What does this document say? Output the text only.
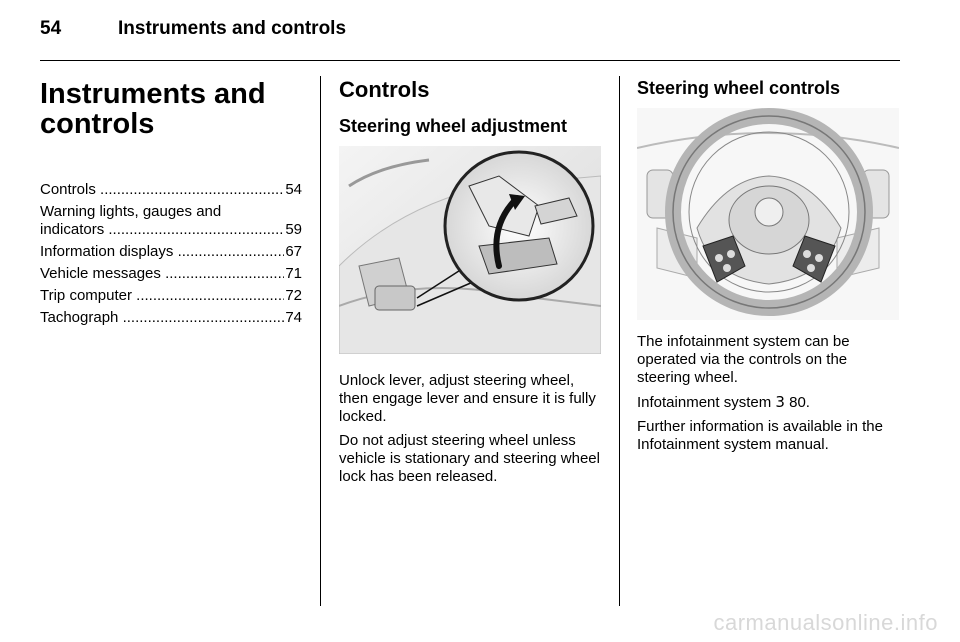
54	Instruments and controls
Instruments and
controls
Controls .....	54
Warning lights, gauges and
indicators .....	59
Information displays .....	67
Vehicle messages .....	71
Trip computer .....	72
Tachograph .....	74
Controls
Steering wheel adjustment

Unlock lever, adjust steering wheel, then engage lever and ensure it is fully locked.

Do not adjust steering wheel unless vehicle is stationary and steering wheel lock has been released.

Steering wheel controls

The infotainment system can be operated via the controls on the steering wheel.

Infotainment system 3 80.

Further information is available in the Infotainment system manual.

carmanualsonline.info
